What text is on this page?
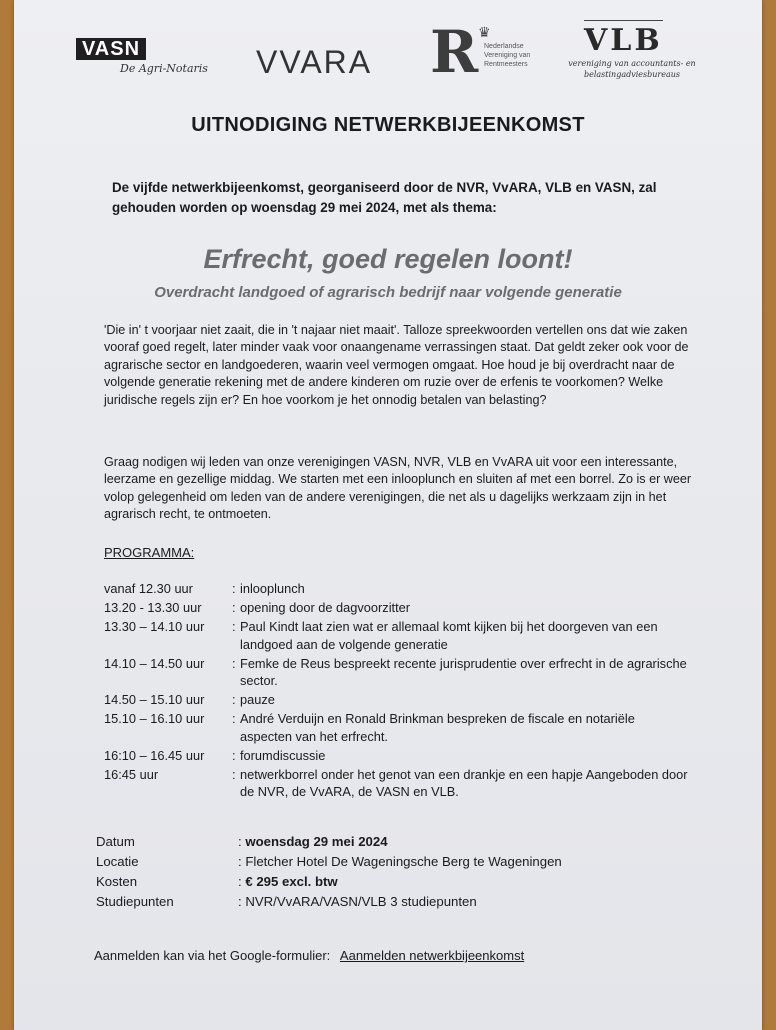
VASN
De Agri-Notaris VVARA R ♛
Nederlandse Vereniging van Rentmeesters
VLB
vereniging van accountants- en belastingadviesbureaus
UITNODIGING NETWERKBIJEENKOMST
De vijfde netwerkbijeenkomst, georganiseerd door de NVR, VvARA, VLB en VASN, zal gehouden worden op woensdag 29 mei 2024, met als thema:
Erfrecht, goed regelen loont!
Overdracht landgoed of agrarisch bedrijf naar volgende generatie
'Die in' t voorjaar niet zaait, die in 't najaar niet maait'. Talloze spreekwoorden vertellen ons dat wie zaken vooraf goed regelt, later minder vaak voor onaangename verrassingen staat. Dat geldt zeker ook voor de agrarische sector en landgoederen, waarin veel vermogen omgaat. Hoe houd je bij overdracht naar de volgende generatie rekening met de andere kinderen om ruzie over de erfenis te voorkomen? Welke juridische regels zijn er? En hoe voorkom je het onnodig betalen van belasting?
Graag nodigen wij leden van onze verenigingen VASN, NVR, VLB en VvARA uit voor een interessante, leerzame en gezellige middag. We starten met een inlooplunch en sluiten af met een borrel. Zo is er weer volop gelegenheid om leden van de andere verenigingen, die net als u dagelijks werkzaam zijn in het agrarisch recht, te ontmoeten.
PROGRAMMA:
vanaf 12.30 uur	: inlooplunch
13.20 - 13.30 uur	: opening door de dagvoorzitter
13.30 – 14.10 uur	: Paul Kindt laat zien wat er allemaal komt kijken bij het doorgeven van een landgoed aan de volgende generatie
14.10 – 14.50 uur	: Femke de Reus bespreekt recente jurisprudentie over erfrecht in de agrarische sector.
14.50 – 15.10 uur	: pauze
15.10 – 16.10 uur	: André Verduijn en Ronald Brinkman bespreken de fiscale en notariële aspecten van het erfrecht.
16:10 – 16.45 uur	: forumdiscussie
16:45 uur	: netwerkborrel onder het genot van een drankje en een hapje Aangeboden door de NVR, de VvARA, de VASN en VLB.
Datum	: woensdag 29 mei 2024
Locatie	: Fletcher Hotel De Wageningsche Berg te Wageningen
Kosten	: € 295 excl. btw
Studiepunten	: NVR/VvARA/VASN/VLB 3 studiepunten
Aanmelden kan via het Google-formulier: Aanmelden netwerkbijeenkomst
